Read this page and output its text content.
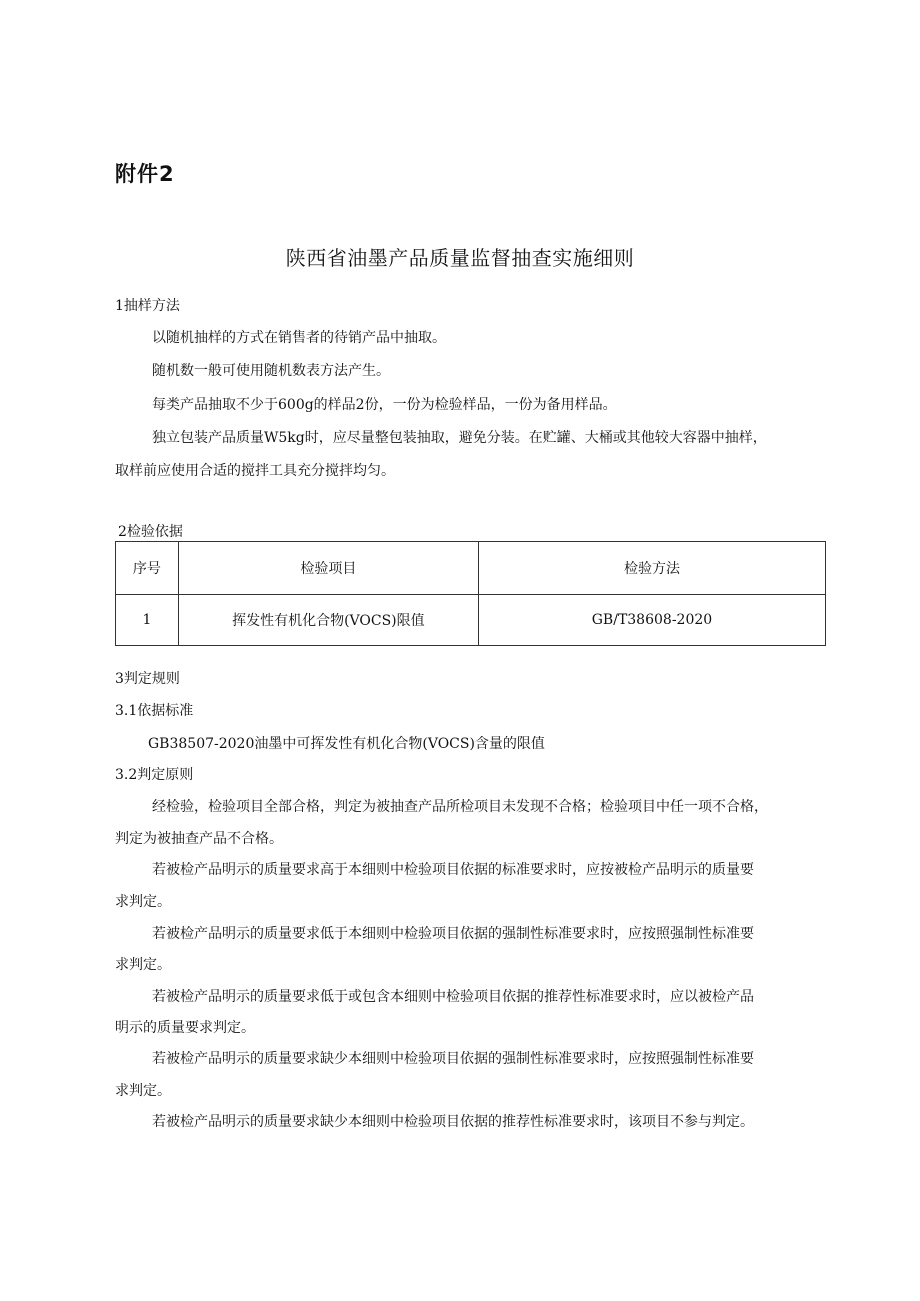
附件2
陕西省油墨产品质量监督抽查实施细则
1抽样方法
以随机抽样的方式在销售者的待销产品中抽取。
随机数一般可使用随机数表方法产生。
每类产品抽取不少于600g的样品2份，一份为检验样品，一份为备用样品。
独立包装产品质量W5kg时，应尽量整包装抽取，避免分装。在贮罐、大桶或其他较大容器中抽样，
取样前应使用合适的搅拌工具充分搅拌均匀。
2检验依据
序号	检验项目	检验方法
1	挥发性有机化合物(VOCS)限值	GB/T38608-2020
3判定规则
3.1依据标准
GB38507-2020油墨中可挥发性有机化合物(VOCS)含量的限值
3.2判定原则
经检验，检验项目全部合格，判定为被抽查产品所检项目未发现不合格；检验项目中任一项不合格，
判定为被抽查产品不合格。
若被检产品明示的质量要求高于本细则中检验项目依据的标准要求时，应按被检产品明示的质量要
求判定。
若被检产品明示的质量要求低于本细则中检验项目依据的强制性标准要求时，应按照强制性标准要
求判定。
若被检产品明示的质量要求低于或包含本细则中检验项目依据的推荐性标准要求时，应以被检产品
明示的质量要求判定。
若被检产品明示的质量要求缺少本细则中检验项目依据的强制性标准要求时，应按照强制性标准要
求判定。
若被检产品明示的质量要求缺少本细则中检验项目依据的推荐性标准要求时，该项目不参与判定。
